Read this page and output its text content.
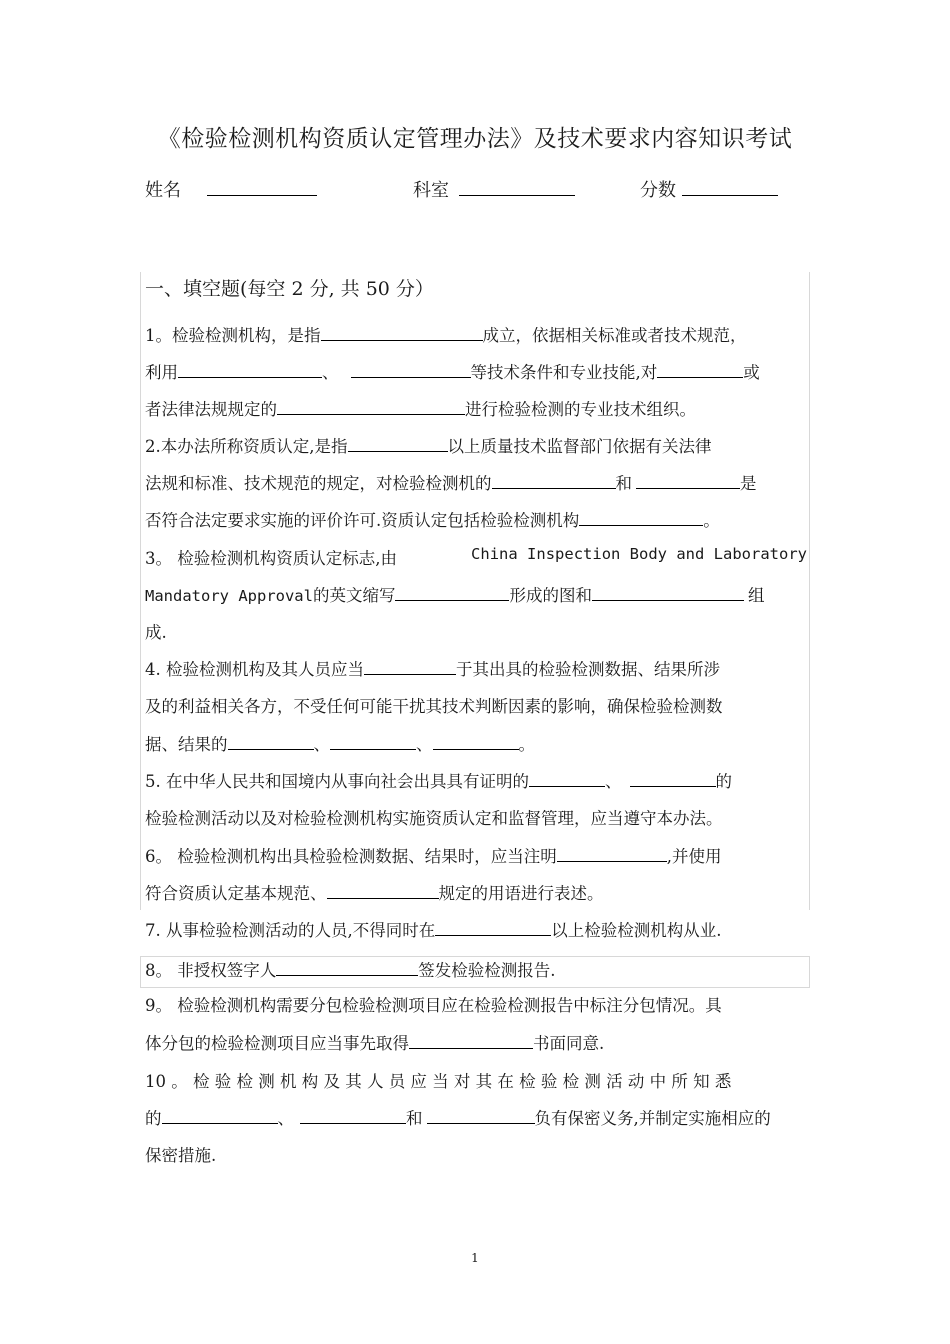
《检验检测机构资质认定管理办法》及技术要求内容知识考试
姓名	科室	分数
一、填空题(每空 2 分, 共 50 分）
1。检验检测机构，是指	成立，依据相关标准或者技术规范，
利用	、	等技术条件和专业技能,对	或
者法律法规规定的	进行检验检测的专业技术组织。
2.本办法所称资质认定,是指	以上质量技术监督部门依据有关法律
法规和标准、技术规范的规定，对检验检测机的	和	是
否符合法定要求实施的评价许可.资质认定包括检验检测机构	。
3。 检验检测机构资质认定标志,由	China Inspection Body and Laboratory
Mandatory Approval的英文缩写	形成的图和	组
成.
4. 检验检测机构及其人员应当	于其出具的检验检测数据、结果所涉
及的利益相关各方，不受任何可能干扰其技术判断因素的影响，确保检验检测数
据、结果的	、	、	。
5. 在中华人民共和国境内从事向社会出具具有证明的	、	的
检验检测活动以及对检验检测机构实施资质认定和监督管理，应当遵守本办法。
6。 检验检测机构出具检验检测数据、结果时，应当注明	,并使用
符合资质认定基本规范、	规定的用语进行表述。
7. 从事检验检测活动的人员,不得同时在	以上检验检测机构从业.
8。 非授权签字人	签发检验检测报告.
9。 检验检测机构需要分包检验检测项目应在检验检测报告中标注分包情况。具
体分包的检验检测项目应当事先取得	书面同意.
10 。 检 验 检 测 机 构 及 其 人 员 应 当 对 其 在 检 验 检 测 活 动 中 所 知 悉
的	、	和	负有保密义务,并制定实施相应的
保密措施.
1
